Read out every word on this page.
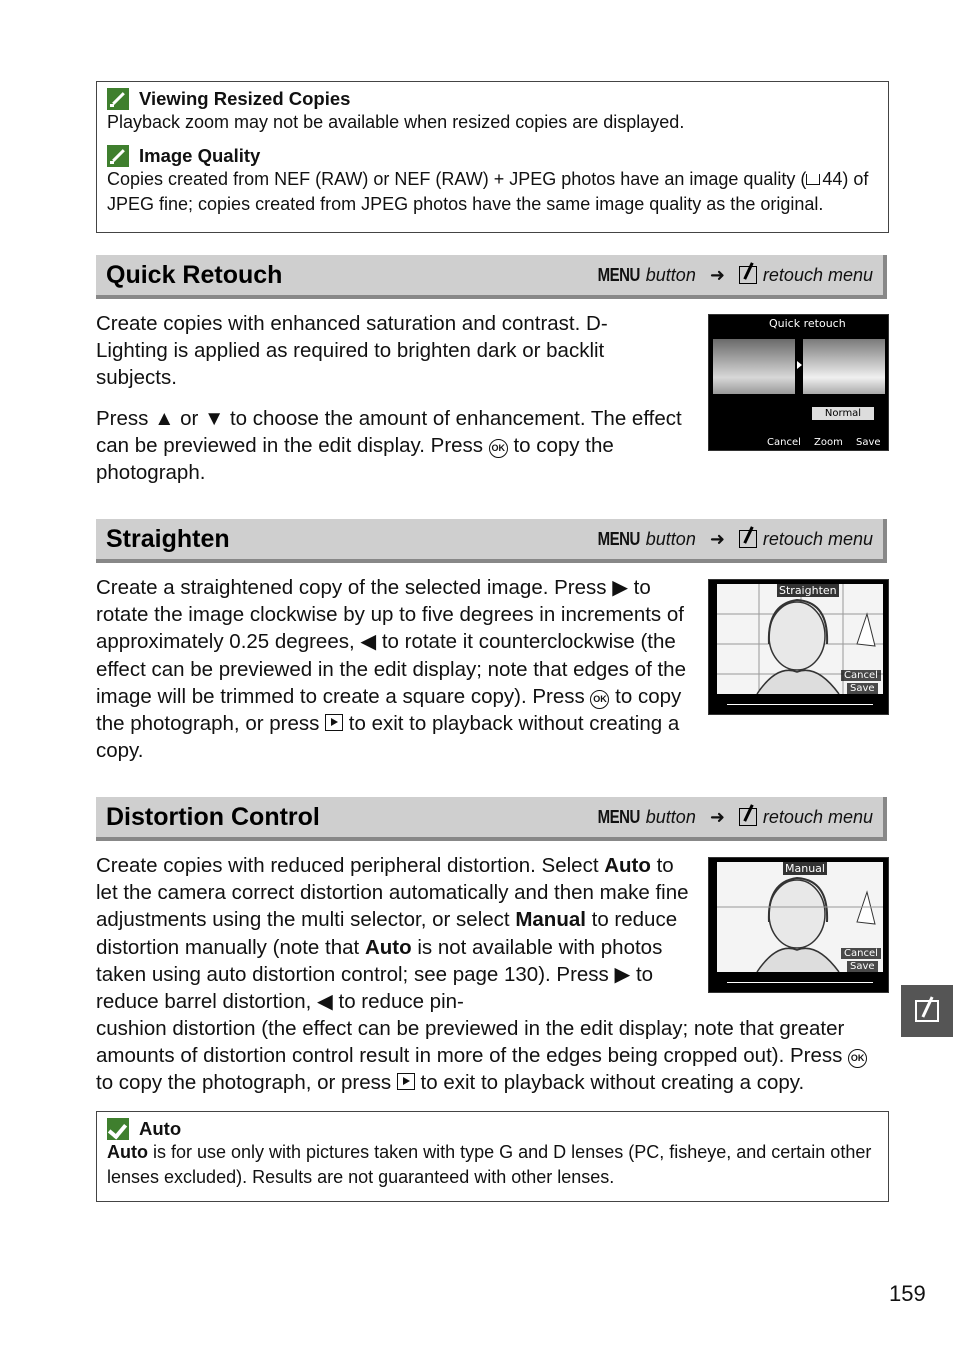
Viewing Resized Copies
Playback zoom may not be available when resized copies are displayed.
Image Quality
Copies created from NEF (RAW) or NEF (RAW) + JPEG photos have an image quality ( 44) of JPEG fine; copies created from JPEG photos have the same image quality as the original.
Quick Retouch	MENU button ➜ retouch menu
Create copies with enhanced saturation and contrast. D-Lighting is applied as required to brighten dark or backlit subjects.
Press ▲ or ▼ to choose the amount of enhancement. The effect can be previewed in the edit display. Press OK to copy the photograph.
Quick retouch
Normal
Cancel	Zoom	Save
Straighten	MENU button ➜ retouch menu
Create a straightened copy of the selected image. Press ▶ to rotate the image clockwise by up to five degrees in increments of approximately 0.25 degrees, ◀ to rotate it counterclockwise (the effect can be previewed in the edit display; note that edges of the image will be trimmed to create a square copy). Press OK to copy the photograph, or press  to exit to playback without creating a copy.
Straighten
Cancel
Save
Distortion Control	MENU button ➜ retouch menu
Create copies with reduced peripheral distortion. Select Auto to let the camera correct distortion automatically and then make fine adjustments using the multi selector, or select Manual to reduce distortion manually (note that Auto is not available with photos taken using auto distortion control; see page 130). Press ▶ to reduce barrel distortion, ◀ to reduce pin-
cushion distortion (the effect can be previewed in the edit display; note that greater amounts of distortion control result in more of the edges being cropped out). Press OK to copy the photograph, or press  to exit to playback without creating a copy.
Manual
Cancel
Save
Auto
Auto is for use only with pictures taken with type G and D lenses (PC, fisheye, and certain other lenses excluded). Results are not guaranteed with other lenses.
159
